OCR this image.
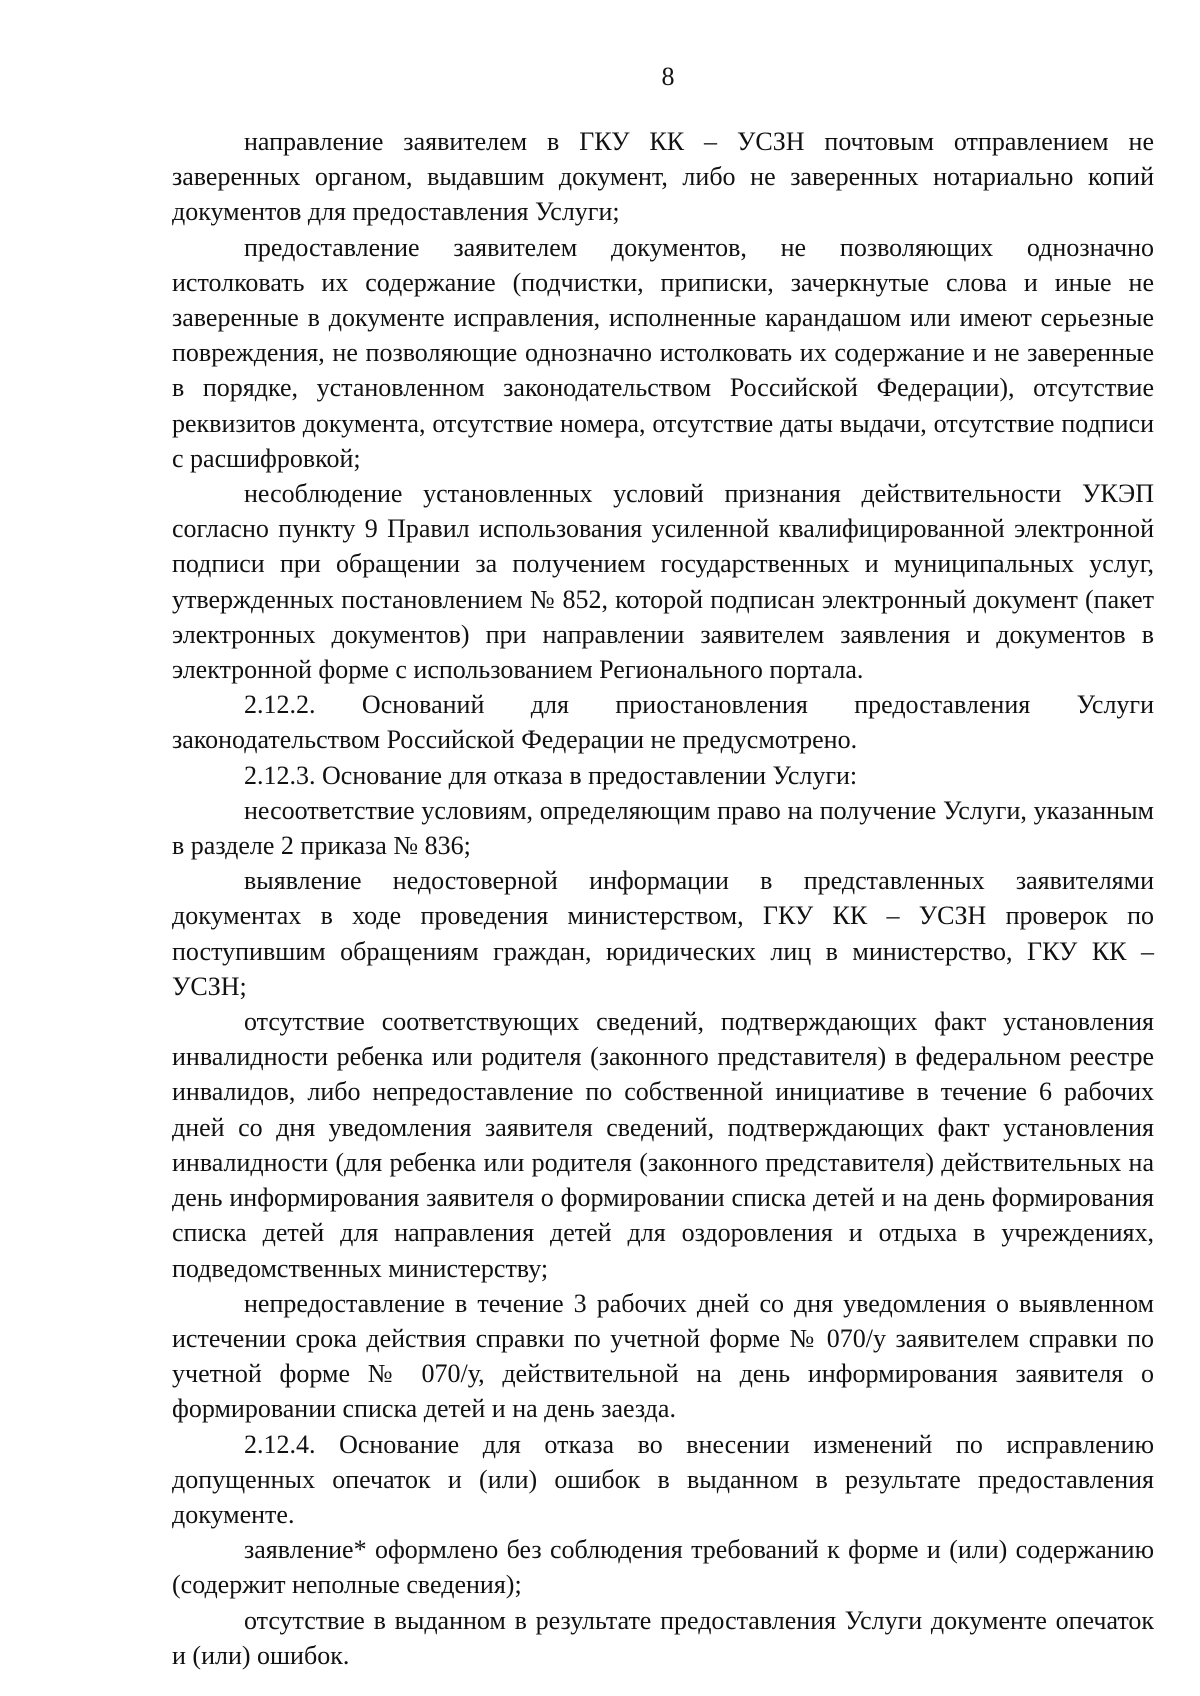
8

направление заявителем в ГКУ КК – УСЗН почтовым отправлением не заверенных органом, выдавшим документ, либо не заверенных нотариально копий документов для предоставления Услуги;

предоставление заявителем документов, не позволяющих однозначно истолковать их содержание (подчистки, приписки, зачеркнутые слова и иные не заверенные в документе исправления, исполненные карандашом или имеют серьезные повреждения, не позволяющие однозначно истолковать их содержание и не заверенные в порядке, установленном законодательством Российской Федерации), отсутствие реквизитов документа, отсутствие номера, отсутствие даты выдачи, отсутствие подписи с расшифровкой;

несоблюдение установленных условий признания действительности УКЭП согласно пункту 9 Правил использования усиленной квалифицированной электронной подписи при обращении за получением государственных и муниципальных услуг, утвержденных постановлением № 852, которой подписан электронный документ (пакет электронных документов) при направлении заявителем заявления и документов в электронной форме с использованием Регионального портала.

2.12.2. Оснований для приостановления предоставления Услуги законодательством Российской Федерации не предусмотрено.

2.12.3. Основание для отказа в предоставлении Услуги:

несоответствие условиям, определяющим право на получение Услуги, указанным в разделе 2 приказа № 836;

выявление недостоверной информации в представленных заявителями документах в ходе проведения министерством, ГКУ КК – УСЗН проверок по поступившим обращениям граждан, юридических лиц в министерство, ГКУ КК – УСЗН;

отсутствие соответствующих сведений, подтверждающих факт установления инвалидности ребенка или родителя (законного представителя) в федеральном реестре инвалидов, либо непредоставление по собственной инициативе в течение 6 рабочих дней со дня уведомления заявителя сведений, подтверждающих факт установления инвалидности (для ребенка или родителя (законного представителя) действительных на день информирования заявителя о формировании списка детей и на день формирования списка детей для направления детей для оздоровления и отдыха в учреждениях, подведомственных министерству;

непредоставление в течение 3 рабочих дней со дня уведомления о выявленном истечении срока действия справки по учетной форме № 070/у заявителем справки по учетной форме № 070/у, действительной на день информирования заявителя о формировании списка детей и на день заезда.

2.12.4. Основание для отказа во внесении изменений по исправлению допущенных опечаток и (или) ошибок в выданном в результате предоставления документе.

заявление* оформлено без соблюдения требований к форме и (или) содержанию (содержит неполные сведения);

отсутствие в выданном в результате предоставления Услуги документе опечаток и (или) ошибок.
